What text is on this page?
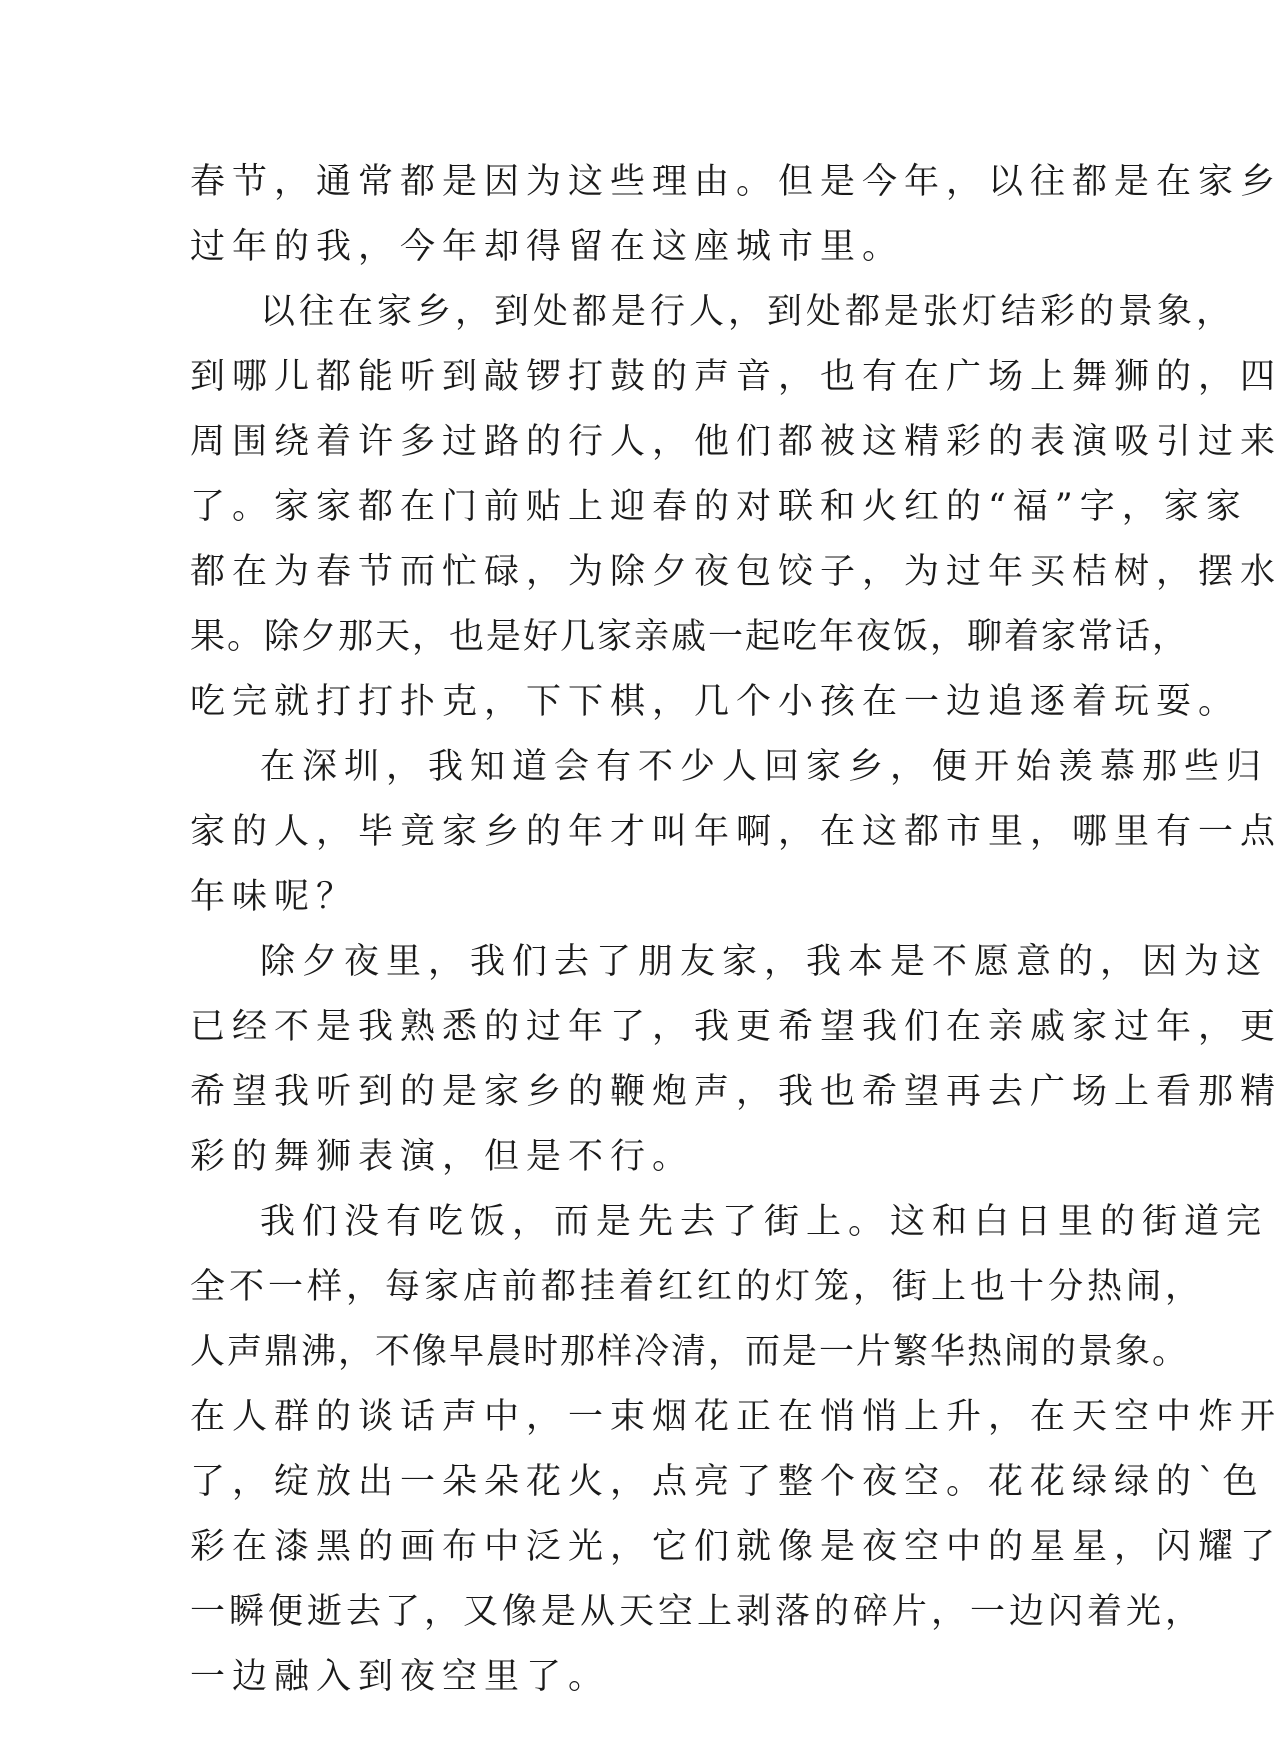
春节，通常都是因为这些理由。但是今年，以往都是在家乡
过年的我，今年却得留在这座城市里。
以往在家乡，到处都是行人，到处都是张灯结彩的景象，
到哪儿都能听到敲锣打鼓的声音，也有在广场上舞狮的，四
周围绕着许多过路的行人，他们都被这精彩的表演吸引过来
了。家家都在门前贴上迎春的对联和火红的“福”字，家家
都在为春节而忙碌，为除夕夜包饺子，为过年买桔树，摆水
果。除夕那天，也是好几家亲戚一起吃年夜饭，聊着家常话，
吃完就打打扑克，下下棋，几个小孩在一边追逐着玩耍。
在深圳，我知道会有不少人回家乡，便开始羡慕那些归
家的人，毕竟家乡的年才叫年啊，在这都市里，哪里有一点
年味呢？
除夕夜里，我们去了朋友家，我本是不愿意的，因为这
已经不是我熟悉的过年了，我更希望我们在亲戚家过年，更
希望我听到的是家乡的鞭炮声，我也希望再去广场上看那精
彩的舞狮表演，但是不行。
我们没有吃饭，而是先去了街上。这和白日里的街道完
全不一样，每家店前都挂着红红的灯笼，街上也十分热闹，
人声鼎沸，不像早晨时那样冷清，而是一片繁华热闹的景象。
在人群的谈话声中，一束烟花正在悄悄上升，在天空中炸开
了，绽放出一朵朵花火，点亮了整个夜空。花花绿绿的`色
彩在漆黑的画布中泛光，它们就像是夜空中的星星，闪耀了
一瞬便逝去了，又像是从天空上剥落的碎片，一边闪着光，
一边融入到夜空里了。
